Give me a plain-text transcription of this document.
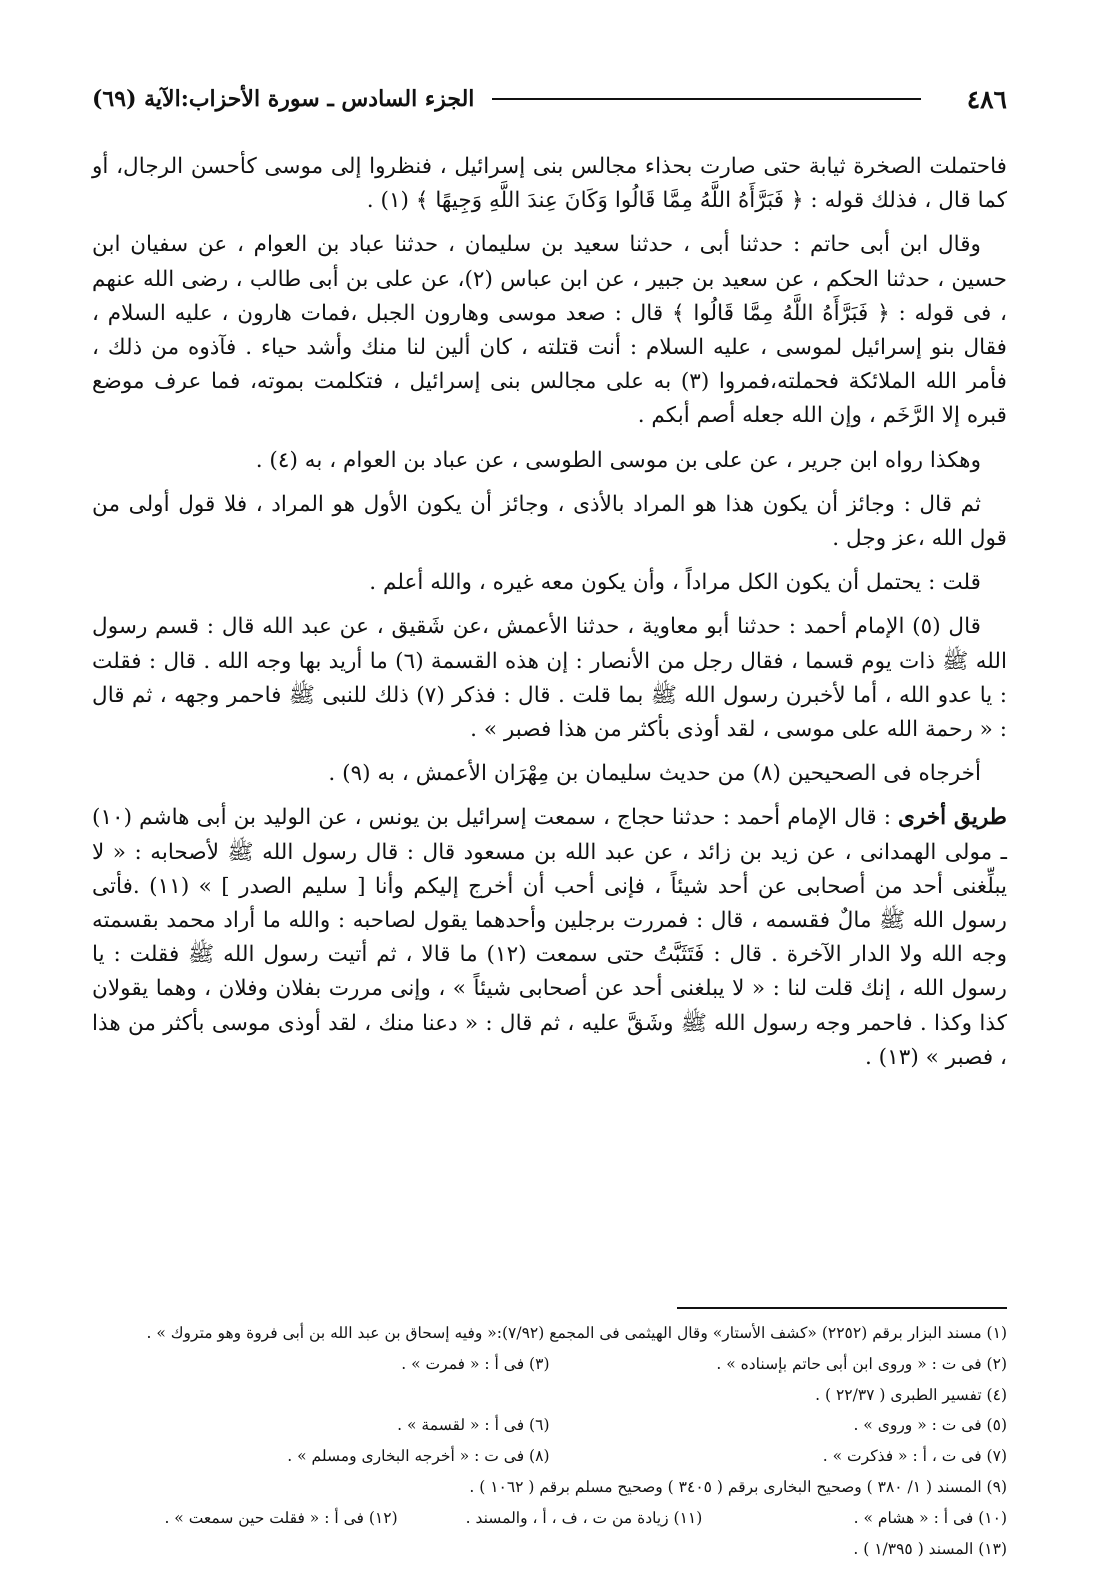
٤٨٦
الجزء السادس ـ سورة الأحزاب:الآية (٦٩)

فاحتملت الصخرة ثيابة حتى صارت بحذاء مجالس بنى إسرائيل ، فنظروا إلى موسى كأحسن الرجال، أو كما قال ، فذلك قوله : ﴿ فَبَرَّأَهُ اللَّهُ مِمَّا قَالُوا وَكَانَ عِندَ اللَّهِ وَجِيهًا ﴾ (١) .

وقال ابن أبى حاتم : حدثنا أبى ، حدثنا سعيد بن سليمان ، حدثنا عباد بن العوام ، عن سفيان ابن حسين ، حدثنا الحكم ، عن سعيد بن جبير ، عن ابن عباس (٢)، عن على بن أبى طالب ، رضى الله عنهم ، فى قوله : ﴿ فَبَرَّأَهُ اللَّهُ مِمَّا قَالُوا ﴾ قال : صعد موسى وهارون الجبل ،فمات هارون ، عليه السلام ، فقال بنو إسرائيل لموسى ، عليه السلام : أنت قتلته ، كان ألين لنا منك وأشد حياء . فآذوه من ذلك ، فأمر الله الملائكة فحملته،فمروا (٣) به على مجالس بنى إسرائيل ، فتكلمت بموته، فما عرف موضع قبره إلا الرَّخَم ، وإن الله جعله أصم أبكم .

وهكذا رواه ابن جرير ، عن على بن موسى الطوسى ، عن عباد بن العوام ، به (٤) .

ثم قال : وجائز أن يكون هذا هو المراد بالأذى ، وجائز أن يكون الأول هو المراد ، فلا قول أولى من قول الله ،عز وجل .

قلت : يحتمل أن يكون الكل مراداً ، وأن يكون معه غيره ، والله أعلم .

قال (٥) الإمام أحمد : حدثنا أبو معاوية ، حدثنا الأعمش ،عن شَقيق ، عن عبد الله قال : قسم رسول الله ﷺ ذات يوم قسما ، فقال رجل من الأنصار : إن هذه القسمة (٦) ما أريد بها وجه الله . قال : فقلت : يا عدو الله ، أما لأخبرن رسول الله ﷺ بما قلت . قال : فذكر (٧) ذلك للنبى ﷺ فاحمر وجهه ، ثم قال : « رحمة الله على موسى ، لقد أوذى بأكثر من هذا فصبر » .

أخرجاه فى الصحيحين (٨) من حديث سليمان بن مِهْرَان الأعمش ، به (٩) .

طريق أخرى : قال الإمام أحمد : حدثنا حجاج ، سمعت إسرائيل بن يونس ، عن الوليد بن أبى هاشم (١٠) ـ مولى الهمدانى ، عن زيد بن زائد ، عن عبد الله بن مسعود قال : قال رسول الله ﷺ لأصحابه : « لا يبلِّغنى أحد من أصحابى عن أحد شيئاً ، فإنى أحب أن أخرج إليكم وأنا [ سليم الصدر ] » (١١) .فأتى رسول الله ﷺ مالٌ فقسمه ، قال : فمررت برجلين وأحدهما يقول لصاحبه : والله ما أراد محمد بقسمته وجه الله ولا الدار الآخرة . قال : فَتَثَبَّتُ حتى سمعت (١٢) ما قالا ، ثم أتيت رسول الله ﷺ فقلت : يا رسول الله ، إنك قلت لنا : « لا يبلغنى أحد عن أصحابى شيئاً » ، وإنى مررت بفلان وفلان ، وهما يقولان كذا وكذا . فاحمر وجه رسول الله ﷺ وشَقَّ عليه ، ثم قال : « دعنا منك ، لقد أوذى موسى بأكثر من هذا ، فصبر » (١٣) .

(١) مسند البزار برقم (٢٢٥٢) «كشف الأستار» وقال الهيثمى فى المجمع (٧/٩٢):« وفيه إسحاق بن عبد الله بن أبى فروة وهو متروك » .
(٢) فى ت : « وروى ابن أبى حاتم بإسناده » .
(٣) فى أ : « فمرت » .
(٤) تفسير الطبرى ( ٢٢/٣٧ ) .
(٥) فى ت : « وروى » .
(٦) فى أ : « لقسمة » .
(٧) فى ت ، أ : « فذكرت » .
(٨) فى ت : « أخرجه البخارى ومسلم » .
(٩) المسند ( ١/ ٣٨٠ ) وصحيح البخارى برقم ( ٣٤٠٥ ) وصحيح مسلم برقم ( ١٠٦٢ ) .
(١٠) فى أ : « هشام » .
(١١) زيادة من ت ، ف ، أ ، والمسند .
(١٢) فى أ : « فقلت حين سمعت » .
(١٣) المسند ( ١/٣٩٥ ) .
